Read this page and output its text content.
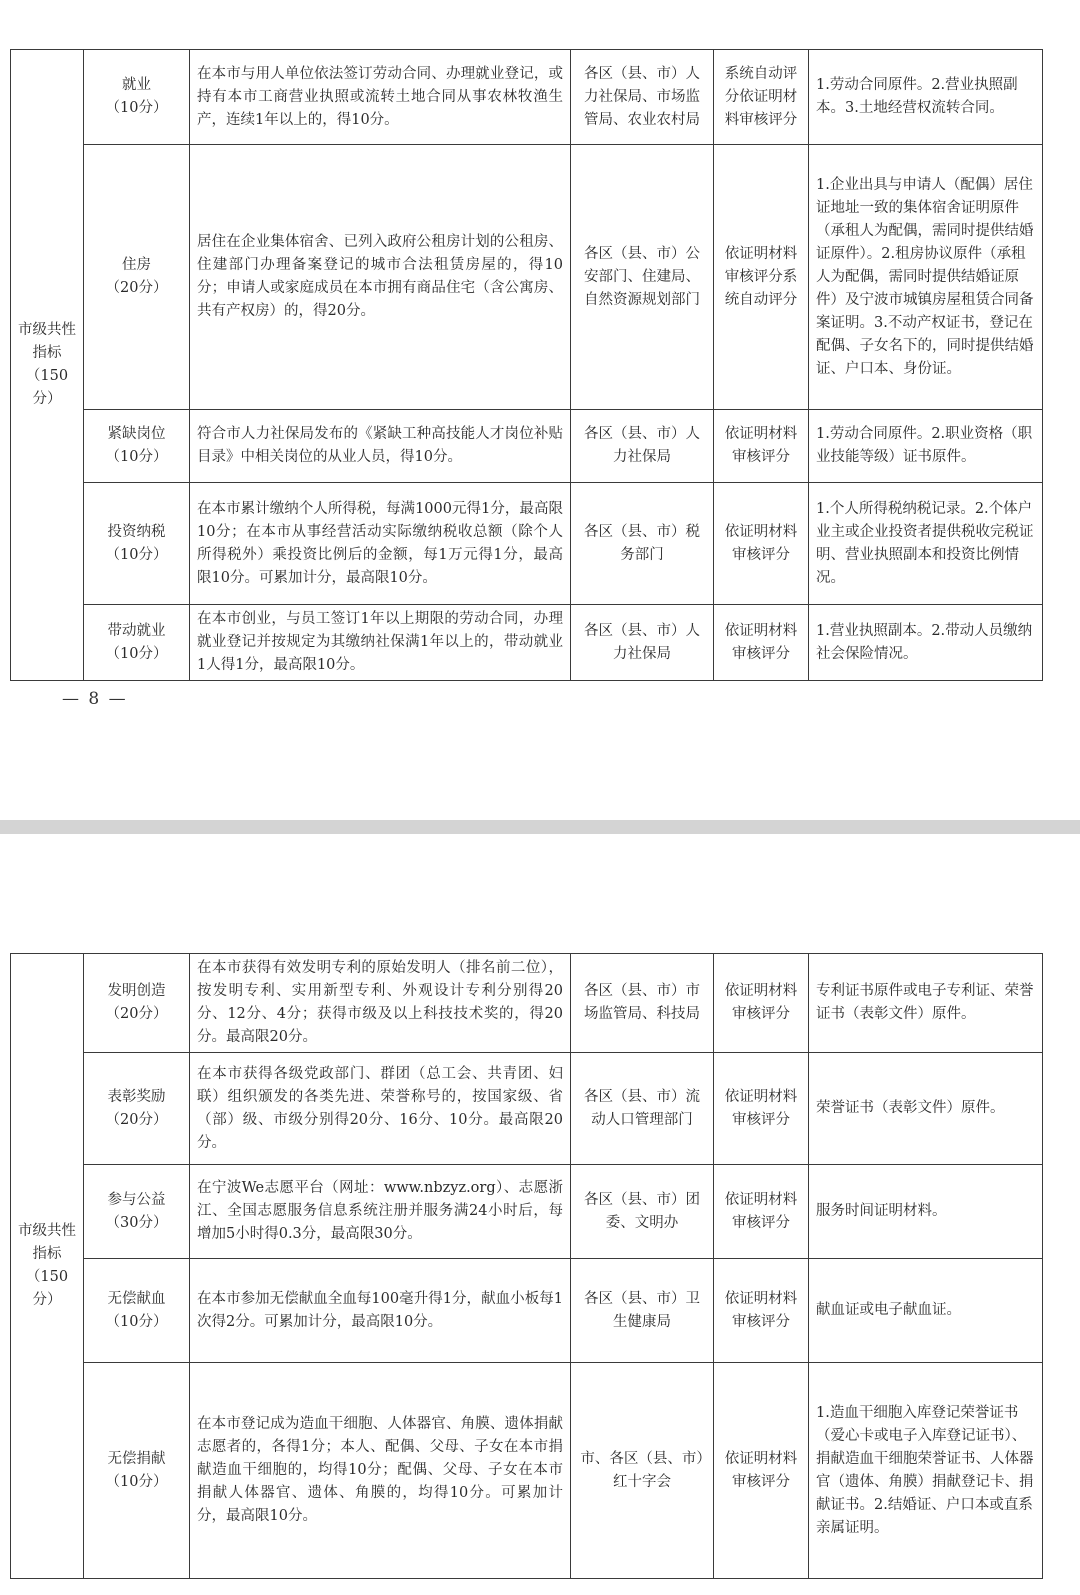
市级共性指标（150分）	就业
（10分）	在本市与用人单位依法签订劳动合同、办理就业登记，或持有本市工商营业执照或流转土地合同从事农林牧渔生产，连续1年以上的，得10分。	各区（县、市）人力社保局、市场监管局、农业农村局	系统自动评分依证明材料审核评分	1.劳动合同原件。2.营业执照副本。3.土地经营权流转合同。

	住房
（20分）	居住在企业集体宿舍、已列入政府公租房计划的公租房、住建部门办理备案登记的城市合法租赁房屋的，得10分；申请人或家庭成员在本市拥有商品住宅（含公寓房、共有产权房）的，得20分。	各区（县、市）公安部门、住建局、自然资源规划部门	依证明材料审核评分系统自动评分	1.企业出具与申请人（配偶）居住证地址一致的集体宿舍证明原件（承租人为配偶，需同时提供结婚证原件）。2.租房协议原件（承租人为配偶，需同时提供结婚证原件）及宁波市城镇房屋租赁合同备案证明。3.不动产权证书，登记在配偶、子女名下的，同时提供结婚证、户口本、身份证。

	紧缺岗位
（10分）	符合市人力社保局发布的《紧缺工种高技能人才岗位补贴目录》中相关岗位的从业人员，得10分。	各区（县、市）人力社保局	依证明材料审核评分	1.劳动合同原件。2.职业资格（职业技能等级）证书原件。

	投资纳税
（10分）	在本市累计缴纳个人所得税，每满1000元得1分，最高限10分；在本市从事经营活动实际缴纳税收总额（除个人所得税外）乘投资比例后的金额，每1万元得1分，最高限10分。可累加计分，最高限10分。	各区（县、市）税务部门	依证明材料审核评分	1.个人所得税纳税记录。2.个体户业主或企业投资者提供税收完税证明、营业执照副本和投资比例情况。

	带动就业
（10分）	在本市创业，与员工签订1年以上期限的劳动合同，办理就业登记并按规定为其缴纳社保满1年以上的，带动就业1人得1分，最高限10分。	各区（县、市）人力社保局	依证明材料审核评分	1.营业执照副本。2.带动人员缴纳社会保险情况。
— 8 —
市级共性指标（150分）	发明创造
（20分）	在本市获得有效发明专利的原始发明人（排名前二位），按发明专利、实用新型专利、外观设计专利分别得20分、12分、4分；获得市级及以上科技技术奖的，得20分。最高限20分。	各区（县、市）市场监管局、科技局	依证明材料审核评分	专利证书原件或电子专利证、荣誉证书（表彰文件）原件。

	表彰奖励
（20分）	在本市获得各级党政部门、群团（总工会、共青团、妇联）组织颁发的各类先进、荣誉称号的，按国家级、省（部）级、市级分别得20分、16分、10分。最高限20分。	各区（县、市）流动人口管理部门	依证明材料审核评分	荣誉证书（表彰文件）原件。

	参与公益
（30分）	在宁波We志愿平台（网址：www.nbzyz.org）、志愿浙江、全国志愿服务信息系统注册并服务满24小时后，每增加5小时得0.3分，最高限30分。	各区（县、市）团委、文明办	依证明材料审核评分	服务时间证明材料。

	无偿献血
（10分）	在本市参加无偿献血全血每100毫升得1分，献血小板每1次得2分。可累加计分，最高限10分。	各区（县、市）卫生健康局	依证明材料审核评分	献血证或电子献血证。

	无偿捐献
（10分）	在本市登记成为造血干细胞、人体器官、角膜、遗体捐献志愿者的，各得1分；本人、配偶、父母、子女在本市捐献造血干细胞的，均得10分；配偶、父母、子女在本市捐献人体器官、遗体、角膜的，均得10分。可累加计分，最高限10分。	市、各区（县、市）红十字会	依证明材料审核评分	1.造血干细胞入库登记荣誉证书（爱心卡或电子入库登记证书）、捐献造血干细胞荣誉证书、人体器官（遗体、角膜）捐献登记卡、捐献证书。2.结婚证、户口本或直系亲属证明。
